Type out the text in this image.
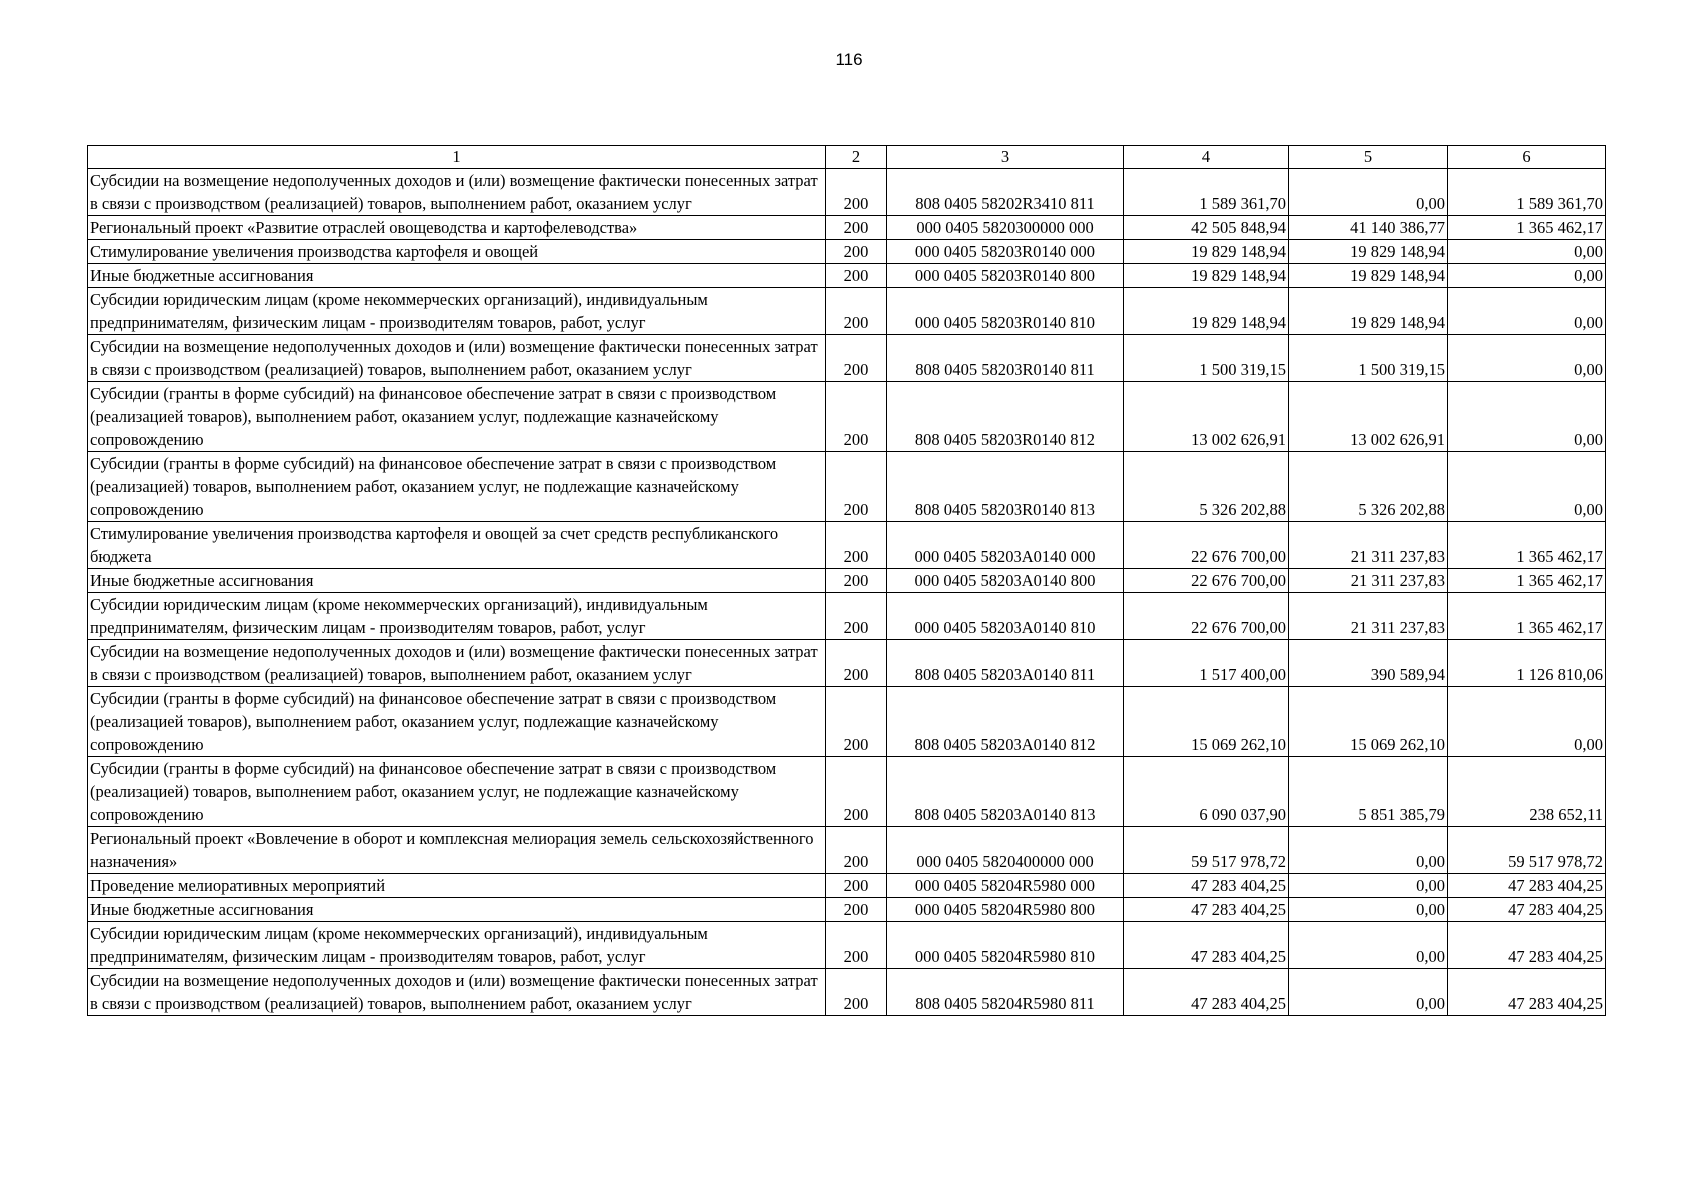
116
1	2	3	4	5	6
Субсидии на возмещение недополученных доходов и (или) возмещение фактически понесенных затрат в связи с производством (реализацией) товаров, выполнением работ, оказанием услуг	200	808 0405 58202R3410 811	1 589 361,70	0,00	1 589 361,70
Региональный проект «Развитие отраслей овощеводства и картофелеводства»	200	000 0405 5820300000 000	42 505 848,94	41 140 386,77	1 365 462,17
Стимулирование увеличения производства картофеля и овощей	200	000 0405 58203R0140 000	19 829 148,94	19 829 148,94	0,00
Иные бюджетные ассигнования	200	000 0405 58203R0140 800	19 829 148,94	19 829 148,94	0,00
Субсидии юридическим лицам (кроме некоммерческих организаций), индивидуальным предпринимателям, физическим лицам - производителям товаров, работ, услуг	200	000 0405 58203R0140 810	19 829 148,94	19 829 148,94	0,00
Субсидии на возмещение недополученных доходов и (или) возмещение фактически понесенных затрат в связи с производством (реализацией) товаров, выполнением работ, оказанием услуг	200	808 0405 58203R0140 811	1 500 319,15	1 500 319,15	0,00
Субсидии (гранты в форме субсидий) на финансовое обеспечение затрат в связи с производством (реализацией товаров), выполнением работ, оказанием услуг, подлежащие казначейскому сопровождению	200	808 0405 58203R0140 812	13 002 626,91	13 002 626,91	0,00
Субсидии (гранты в форме субсидий) на финансовое обеспечение затрат в связи с производством (реализацией) товаров, выполнением работ, оказанием услуг, не подлежащие казначейскому сопровождению	200	808 0405 58203R0140 813	5 326 202,88	5 326 202,88	0,00
Стимулирование увеличения производства картофеля и овощей за счет средств республиканского бюджета	200	000 0405 58203A0140 000	22 676 700,00	21 311 237,83	1 365 462,17
Иные бюджетные ассигнования	200	000 0405 58203A0140 800	22 676 700,00	21 311 237,83	1 365 462,17
Субсидии юридическим лицам (кроме некоммерческих организаций), индивидуальным предпринимателям, физическим лицам - производителям товаров, работ, услуг	200	000 0405 58203A0140 810	22 676 700,00	21 311 237,83	1 365 462,17
Субсидии на возмещение недополученных доходов и (или) возмещение фактически понесенных затрат в связи с производством (реализацией) товаров, выполнением работ, оказанием услуг	200	808 0405 58203A0140 811	1 517 400,00	390 589,94	1 126 810,06
Субсидии (гранты в форме субсидий) на финансовое обеспечение затрат в связи с производством (реализацией товаров), выполнением работ, оказанием услуг, подлежащие казначейскому сопровождению	200	808 0405 58203A0140 812	15 069 262,10	15 069 262,10	0,00
Субсидии (гранты в форме субсидий) на финансовое обеспечение затрат в связи с производством (реализацией) товаров, выполнением работ, оказанием услуг, не подлежащие казначейскому сопровождению	200	808 0405 58203A0140 813	6 090 037,90	5 851 385,79	238 652,11
Региональный проект «Вовлечение в оборот и комплексная мелиорация земель сельскохозяйственного назначения»	200	000 0405 5820400000 000	59 517 978,72	0,00	59 517 978,72
Проведение мелиоративных мероприятий	200	000 0405 58204R5980 000	47 283 404,25	0,00	47 283 404,25
Иные бюджетные ассигнования	200	000 0405 58204R5980 800	47 283 404,25	0,00	47 283 404,25
Субсидии юридическим лицам (кроме некоммерческих организаций), индивидуальным предпринимателям, физическим лицам - производителям товаров, работ, услуг	200	000 0405 58204R5980 810	47 283 404,25	0,00	47 283 404,25
Субсидии на возмещение недополученных доходов и (или) возмещение фактически понесенных затрат в связи с производством (реализацией) товаров, выполнением работ, оказанием услуг	200	808 0405 58204R5980 811	47 283 404,25	0,00	47 283 404,25
